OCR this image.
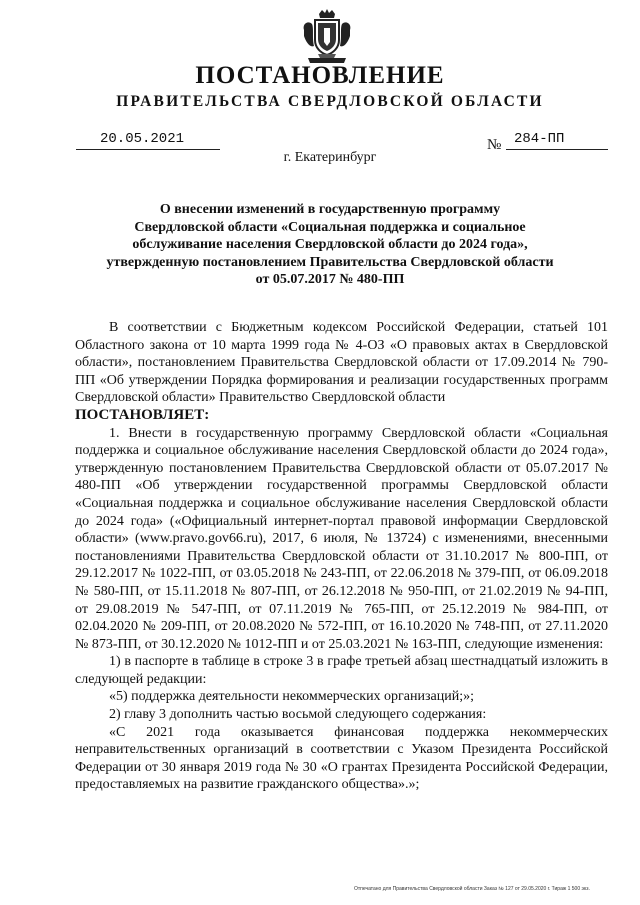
ПОСТАНОВЛЕНИЕ
ПРАВИТЕЛЬСТВА СВЕРДЛОВСКОЙ ОБЛАСТИ
20.05.2021	№ 284-ПП
г. Екатеринбург
О внесении изменений в государственную программу
Свердловской области «Социальная поддержка и социальное
обслуживание населения Свердловской области до 2024 года»,
утвержденную постановлением Правительства Свердловской области
от 05.07.2017 № 480-ПП

В соответствии с Бюджетным кодексом Российской Федерации, статьей 101 Областного закона от 10 марта 1999 года № 4-ОЗ «О правовых актах в Свердловской области», постановлением Правительства Свердловской области от 17.09.2014 № 790-ПП «Об утверждении Порядка формирования и реализации государственных программ Свердловской области» Правительство Свердловской области

ПОСТАНОВЛЯЕТ:

1. Внести в государственную программу Свердловской области «Социальная поддержка и социальное обслуживание населения Свердловской области до 2024 года», утвержденную постановлением Правительства Свердловской области от 05.07.2017 № 480-ПП «Об утверждении государственной программы Свердловской области «Социальная поддержка и социальное обслуживание населения Свердловской области до 2024 года» («Официальный интернет-портал правовой информации Свердловской области» (www.pravo.gov66.ru), 2017, 6 июля, № 13724) с изменениями, внесенными постановлениями Правительства Свердловской области от 31.10.2017 № 800-ПП, от 29.12.2017 № 1022-ПП, от 03.05.2018 № 243-ПП, от 22.06.2018 № 379-ПП, от 06.09.2018 № 580-ПП, от 15.11.2018 № 807-ПП, от 26.12.2018 № 950-ПП, от 21.02.2019 № 94-ПП, от 29.08.2019 № 547-ПП, от 07.11.2019 № 765-ПП, от 25.12.2019 № 984-ПП, от 02.04.2020 № 209-ПП, от 20.08.2020 № 572-ПП, от 16.10.2020 № 748-ПП, от 27.11.2020 № 873-ПП, от 30.12.2020 № 1012-ПП и от 25.03.2021 № 163-ПП, следующие изменения:

1) в паспорте в таблице в строке 3 в графе третьей абзац шестнадцатый изложить в следующей редакции:

«5) поддержка деятельности некоммерческих организаций;»;

2) главу 3 дополнить частью восьмой следующего содержания:

«С 2021 года оказывается финансовая поддержка некоммерческих неправительственных организаций в соответствии с Указом Президента Российской Федерации от 30 января 2019 года № 30 «О грантах Президента Российской Федерации, предоставляемых на развитие гражданского общества».»;

Отпечатано для Правительства Свердловской области Заказ № 127 от 29.05.2020 г. Тираж 1 500 экз.
